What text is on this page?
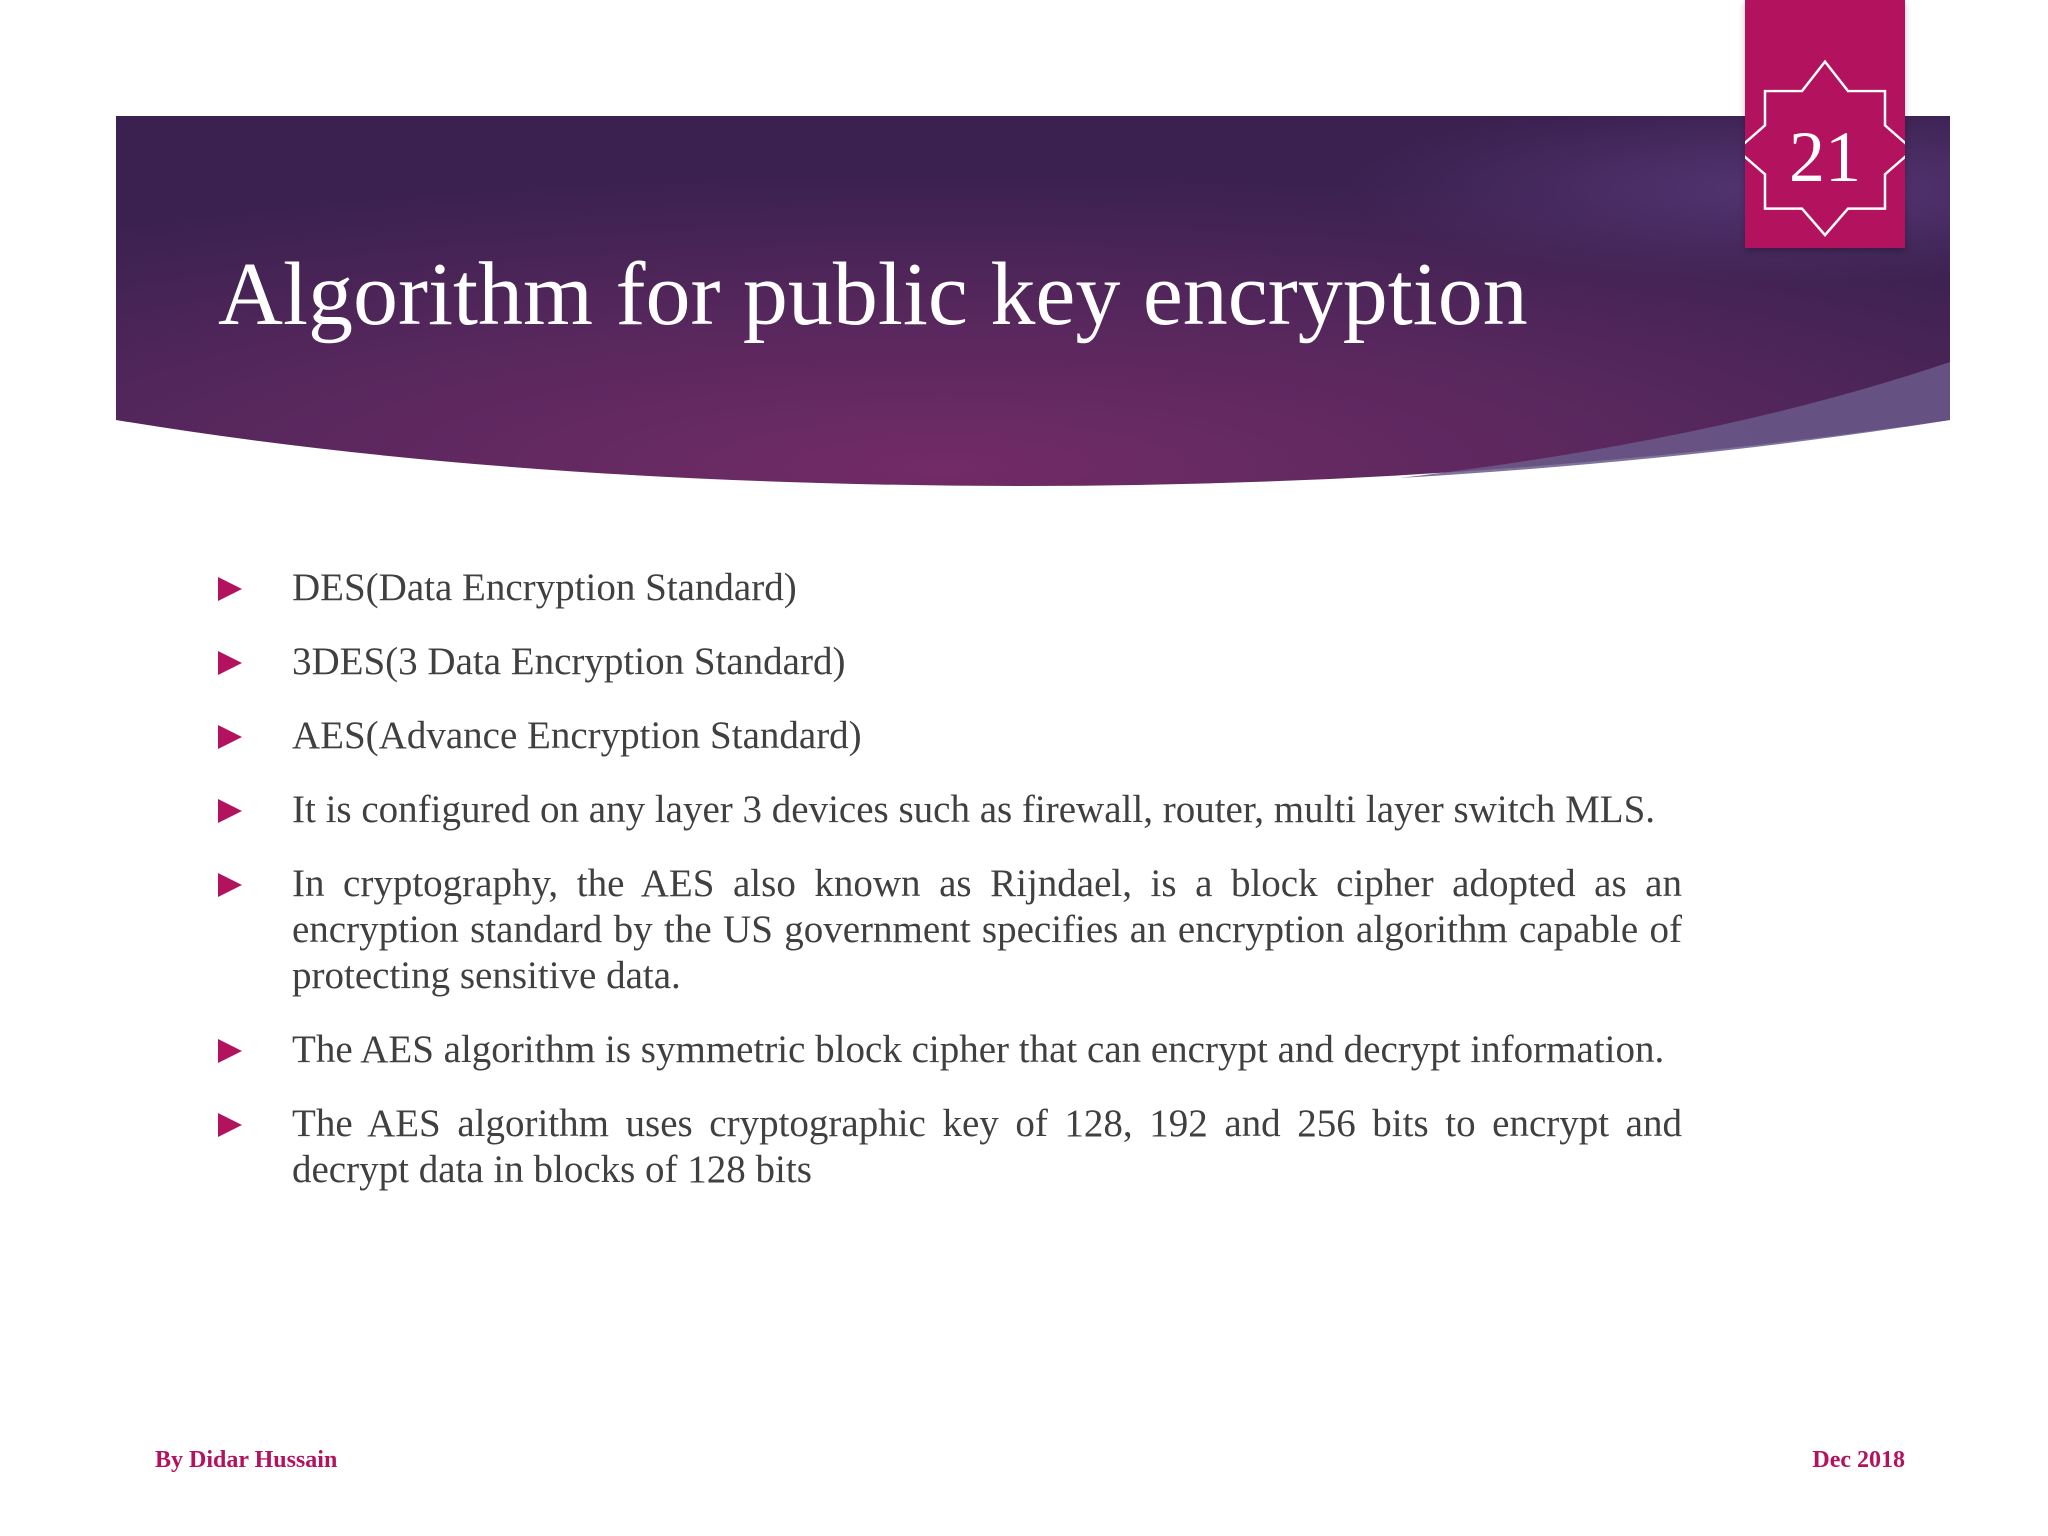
Algorithm for public key encryption
21
DES(Data Encryption Standard)
3DES(3 Data Encryption Standard)
AES(Advance Encryption Standard)
It is configured on any layer 3 devices such as firewall, router, multi layer switch MLS.
In cryptography, the AES also known as Rijndael, is a block cipher adopted as an encryption standard by the US government specifies an encryption algorithm capable of protecting sensitive data.
The AES algorithm is symmetric block cipher that can encrypt and decrypt information.
The AES algorithm uses cryptographic key of 128, 192 and 256 bits to encrypt and decrypt data in blocks of 128 bits
By Didar Hussain	Dec 2018
